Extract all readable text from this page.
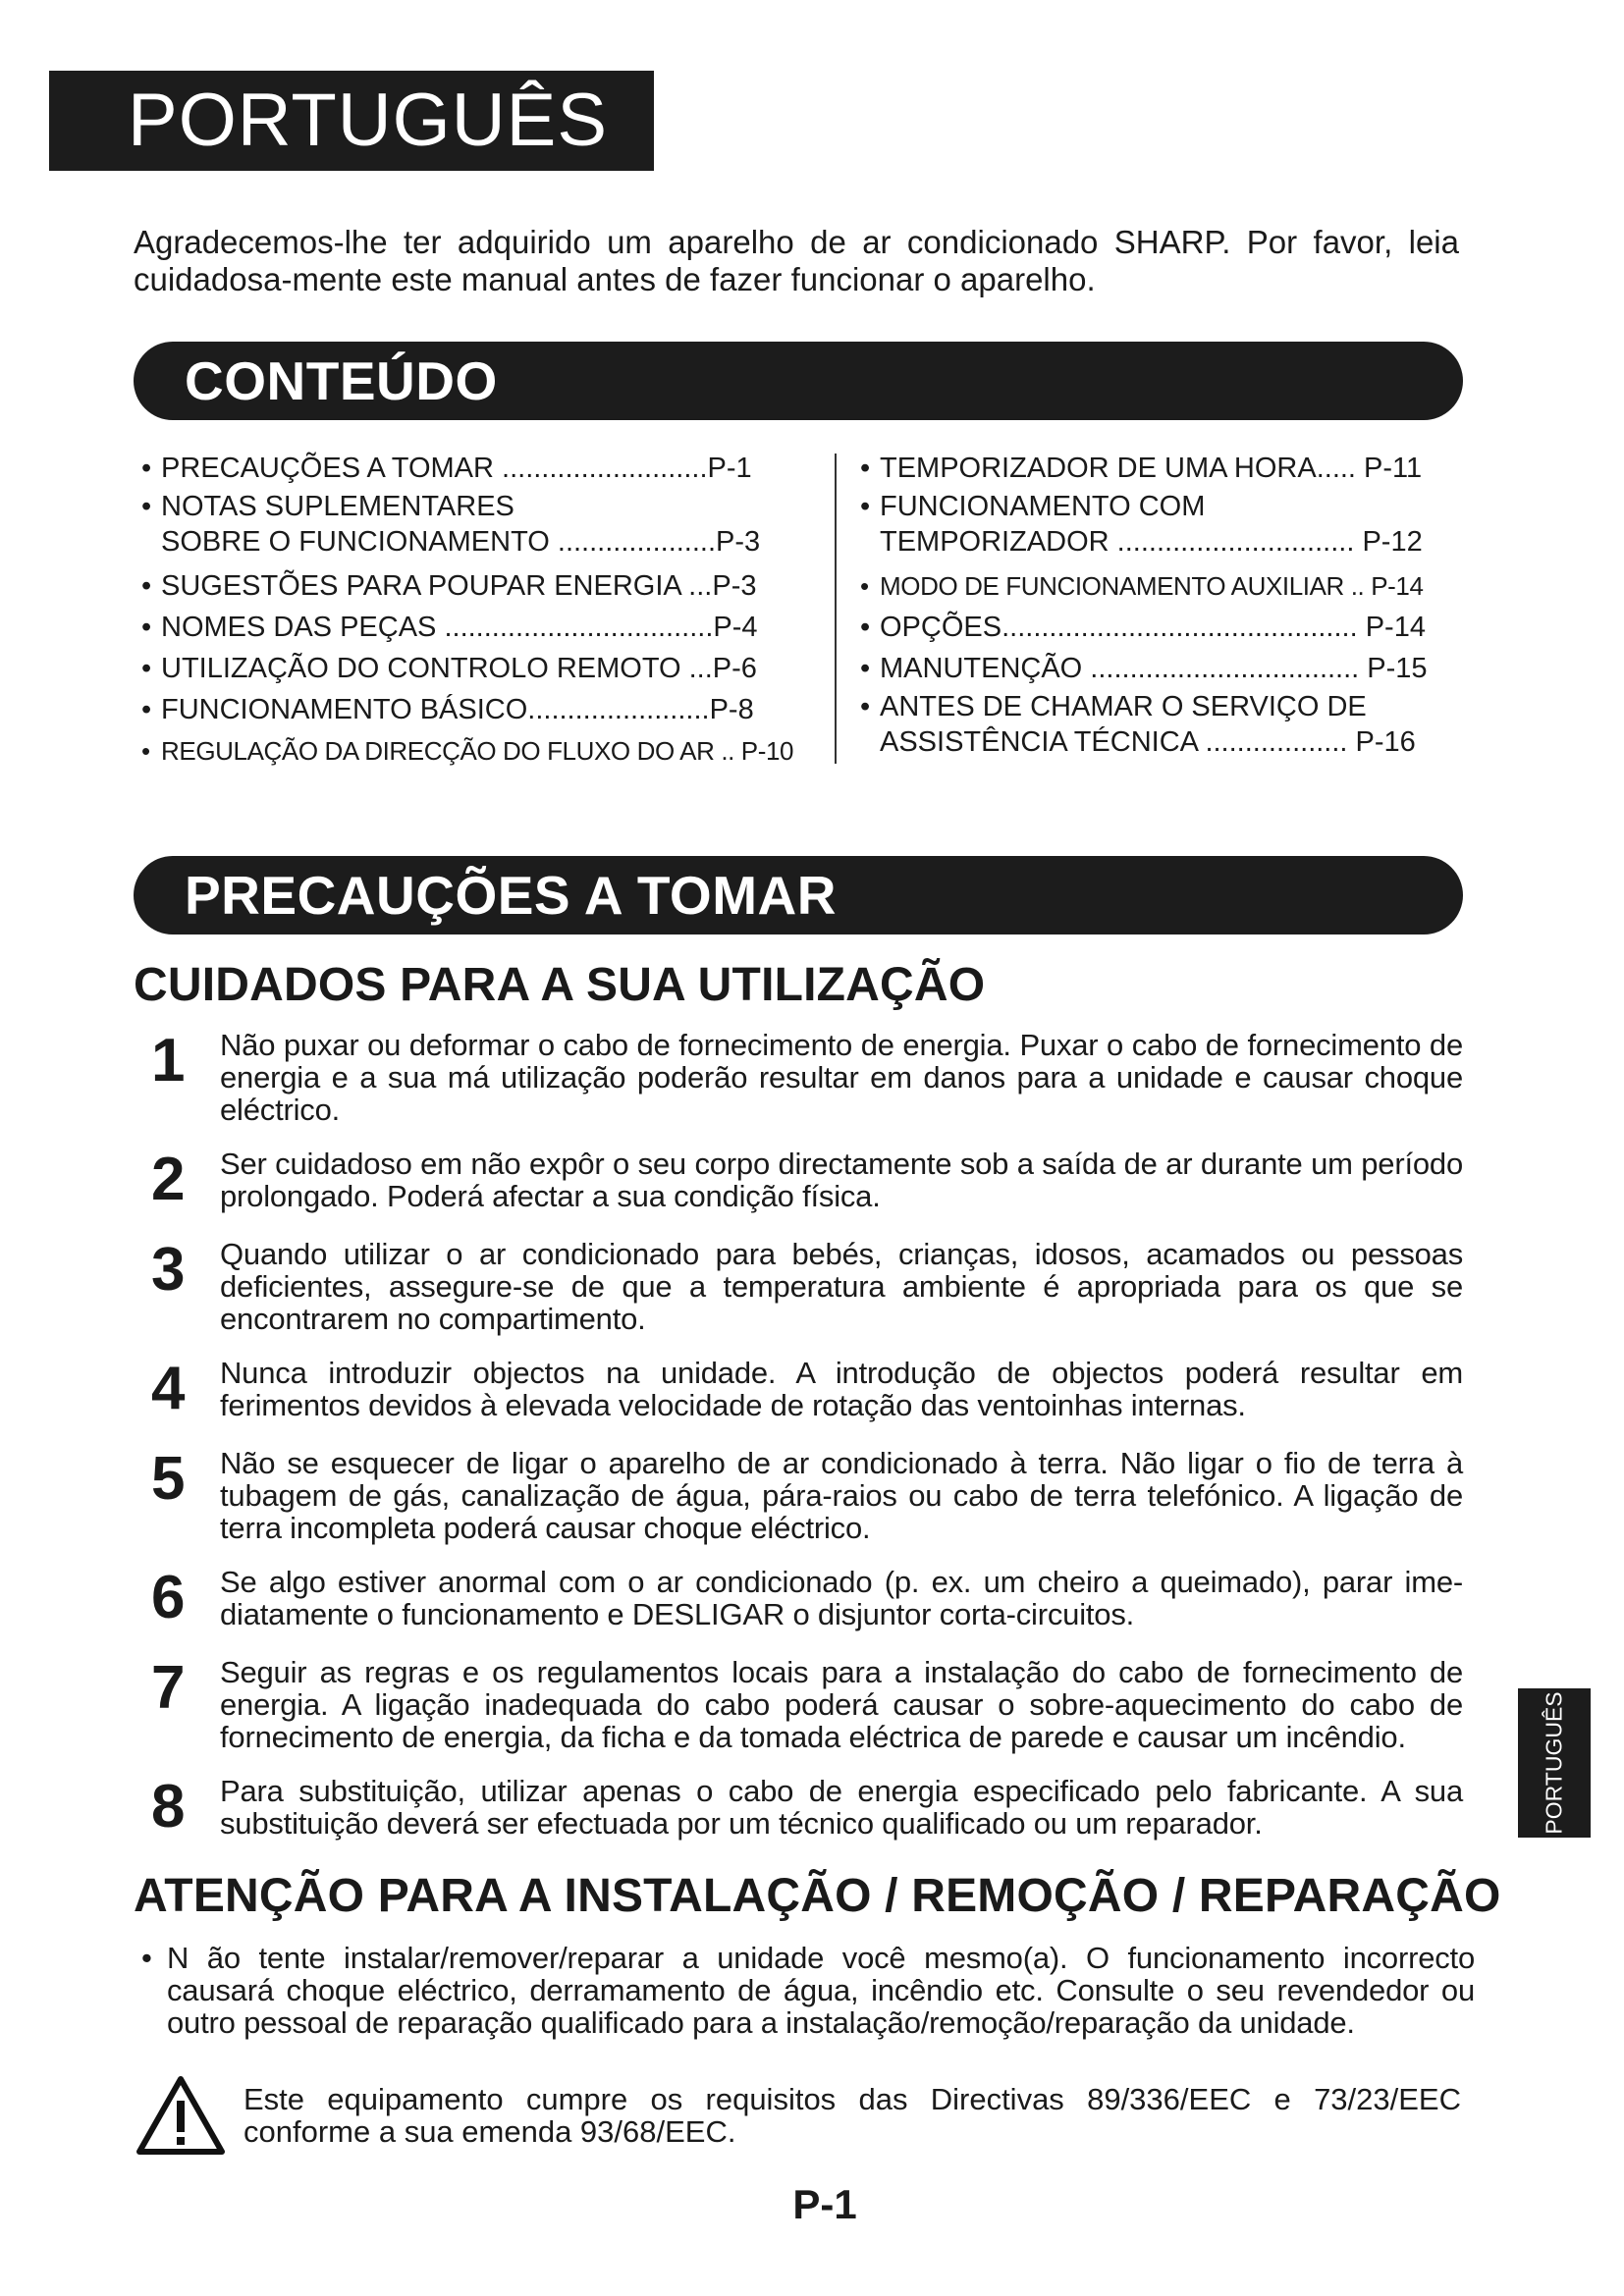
PORTUGUÊS

Agradecemos-lhe ter adquirido um aparelho de ar condicionado SHARP. Por favor, leia cuidadosa-mente este manual antes de fazer funcionar o aparelho.

CONTEÚDO
• PRECAUÇÕES A TOMAR ..........................P-1
• NOTAS SUPLEMENTARES
SOBRE O FUNCIONAMENTO ....................P-3
• SUGESTÕES PARA POUPAR ENERGIA ...P-3
• NOMES DAS PEÇAS ..................................P-4
• UTILIZAÇÃO DO CONTROLO REMOTO ...P-6
• FUNCIONAMENTO BÁSICO.......................P-8
• REGULAÇÃO DA DIRECÇÃO DO FLUXO DO AR .. P-10
• TEMPORIZADOR DE UMA HORA..... P-11
• FUNCIONAMENTO COM
TEMPORIZADOR .............................. P-12
• MODO DE FUNCIONAMENTO AUXILIAR .. P-14
• OPÇÕES............................................. P-14
• MANUTENÇÃO .................................. P-15
• ANTES DE CHAMAR O SERVIÇO DE
ASSISTÊNCIA TÉCNICA .................. P-16
PRECAUÇÕES A TOMAR
CUIDADOS PARA A SUA UTILIZAÇÃO
1 Não puxar ou deformar o cabo de fornecimento de energia. Puxar o cabo de fornecimento de energia e a sua má utilização poderão resultar em danos para a unidade e causar choque eléctrico.
2 Ser cuidadoso em não expôr o seu corpo directamente sob a saída de ar durante um período prolongado. Poderá afectar a sua condição física.
3 Quando utilizar o ar condicionado para bebés, crianças, idosos, acamados ou pessoas deficientes, assegure-se de que a temperatura ambiente é apropriada para os que se encontrarem no compartimento.
4 Nunca introduzir objectos na unidade. A introdução de objectos poderá resultar em ferimentos devidos à elevada velocidade de rotação das ventoinhas internas.
5 Não se esquecer de ligar o aparelho de ar condicionado à terra. Não ligar o fio de terra à tubagem de gás, canalização de água, pára-raios ou cabo de terra telefónico. A ligação de terra incompleta poderá causar choque eléctrico.
6 Se algo estiver anormal com o ar condicionado (p. ex. um cheiro a queimado), parar ime-diatamente o funcionamento e DESLIGAR o disjuntor corta-circuitos.
7 Seguir as regras e os regulamentos locais para a instalação do cabo de fornecimento de energia. A ligação inadequada do cabo poderá causar o sobre-aquecimento do cabo de fornecimento de energia, da ficha e da tomada eléctrica de parede e causar um incêndio.
8 Para substituição, utilizar apenas o cabo de energia especificado pelo fabricante. A sua substituição deverá ser efectuada por um técnico qualificado ou um reparador.
ATENÇÃO PARA A INSTALAÇÃO / REMOÇÃO / REPARAÇÃO
• N ão tente instalar/remover/reparar a unidade você mesmo(a). O funcionamento incorrecto causará choque eléctrico, derramamento de água, incêndio etc. Consulte o seu revendedor ou outro pessoal de reparação qualificado para a instalação/remoção/reparação da unidade.
Este equipamento cumpre os requisitos das Directivas 89/336/EEC e 73/23/EEC conforme a sua emenda 93/68/EEC.
P-1
PORTUGUÊS
